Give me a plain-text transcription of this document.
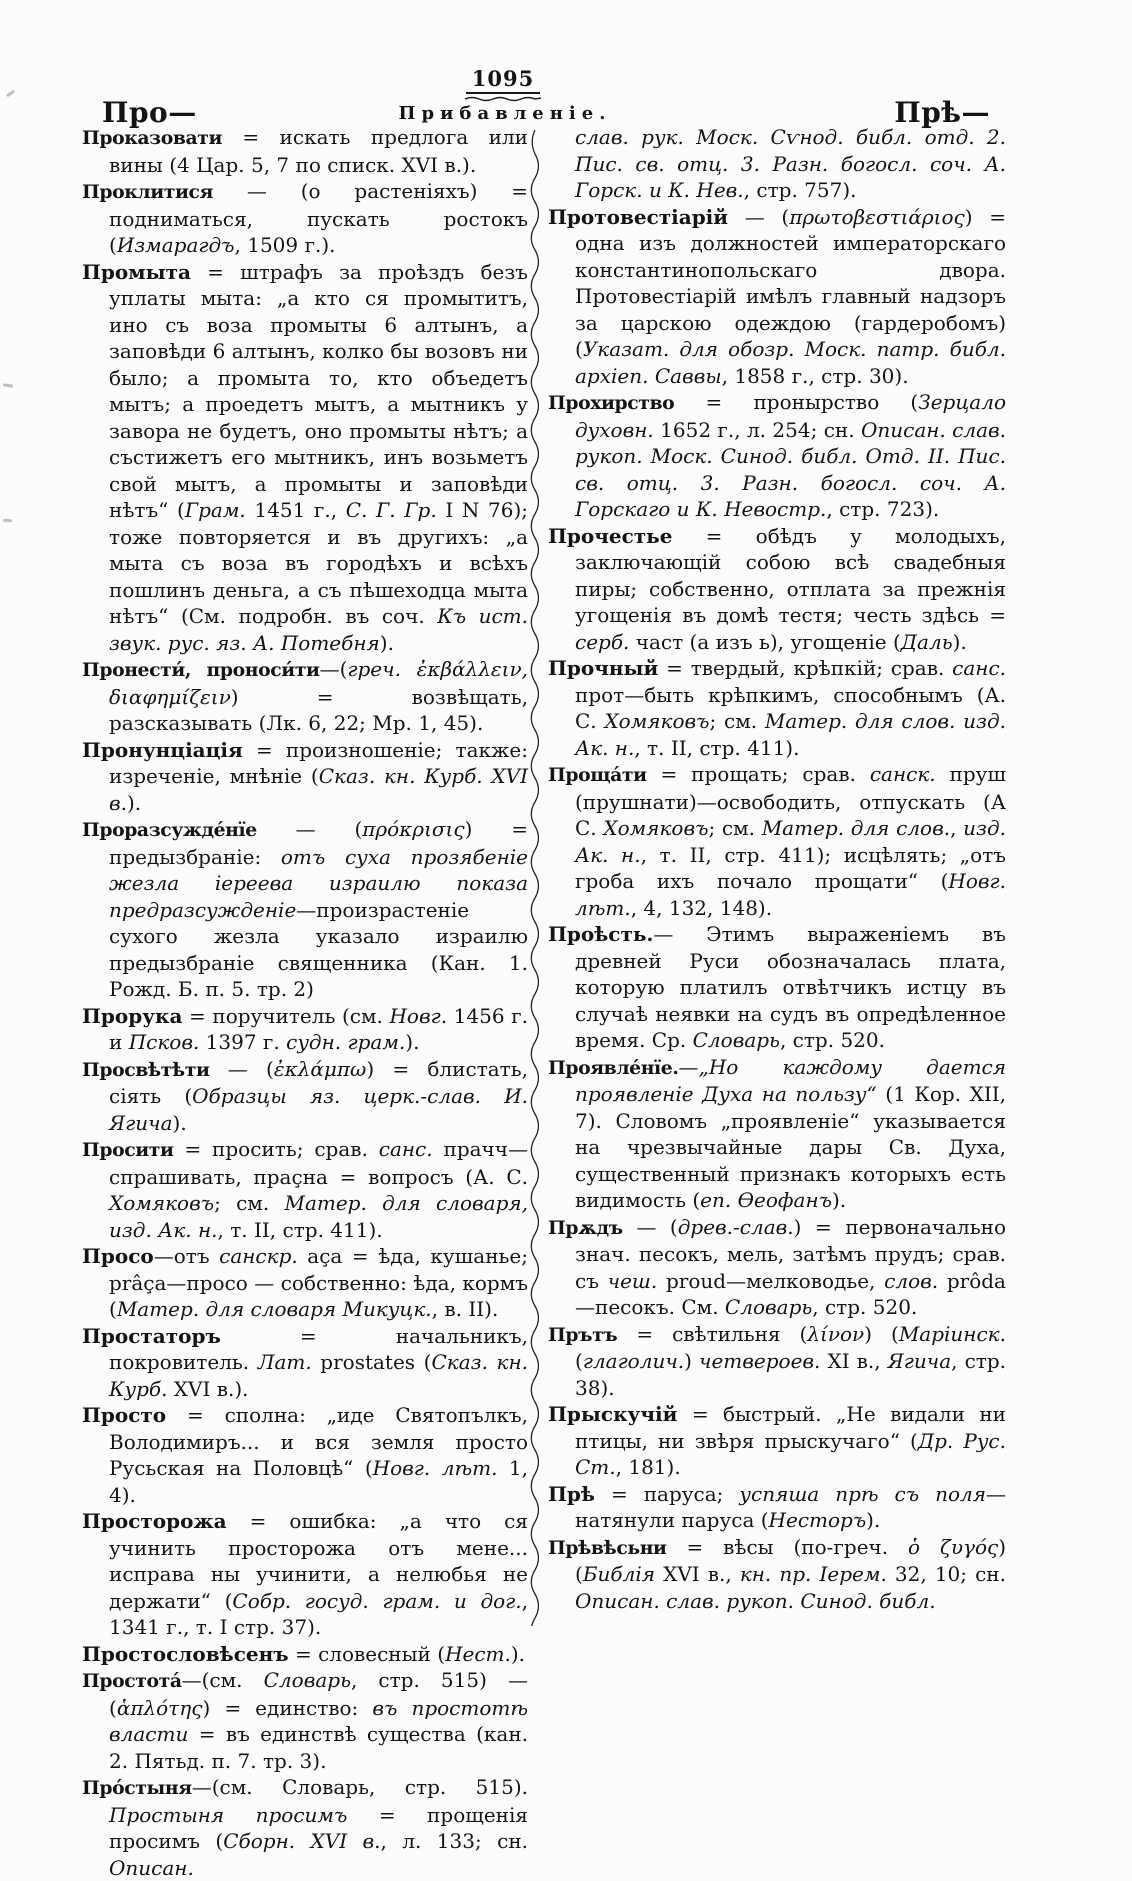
1095
Про—	Прибавленіе.	Прѣ—

Проказовати = искать предлога или вины (4 Цар. 5, 7 по списк. XVI в.).

Проклитися — (о растеніяхъ) = подниматься, пускать ростокъ (Измарагдъ, 1509 г.).

Промыта = штрафъ за проѣздъ безъ уплаты мыта: „а кто ся промытитъ, ино съ воза промыты 6 алтынъ, а заповѣди 6 алтынъ, колко бы возовъ ни было; а промыта то, кто объедетъ мытъ; а проедетъ мытъ, а мытникъ у завора не будетъ, оно промыты нѣтъ; а състижетъ его мытникъ, инъ возьметъ свой мытъ, а промыты и заповѣди нѣтъ“ (Грам. 1451 г., С. Г. Гр. I N 76); тоже повторяется и въ другихъ: „а мыта съ воза въ городѣхъ и всѣхъ пошлинъ деньга, а съ пѣшеходца мыта нѣтъ“ (См. подробн. въ соч. Къ ист. звук. рус. яз. А. Потебня).

Пронести́, проноси́ти—(греч. ἐκβάλλειν, διαφημίζειν) = возвѣщать, разсказывать (Лк. 6, 22; Мр. 1, 45).

Пронунціація = произношеніе; также: изреченіе, мнѣніе (Сказ. кн. Курб. XVI в.).

Проразсужде́нїе — (πρόκρισις) = предызбраніе: отъ суха прозябеніе жезла іереева израилю показа предразсужденіе—произрастеніе сухого жезла указало израилю предызбраніе священника (Кан. 1. Рожд. Б. п. 5. тр. 2)

Прорука = поручитель (см. Новг. 1456 г. и Псков. 1397 г. судн. грам.).

Просвѣтѣти — (ἐκλάμπω) = блистать, сіять (Образцы яз. церк.-слав. И. Ягича).

Просити = просить; срав. санс. прачч—спрашивать, праçна = вопросъ (А. С. Хомяковъ; см. Матер. для словаря, изд. Ак. н., т. II, стр. 411).

Просо—отъ санскр. аçа = ѣда, кушанье; prâça—просо — собственно: ѣда, кормъ (Матер. для словаря Микуцк., в. II).

Простаторъ = начальникъ, покровитель. Лат. prostates (Сказ. кн. Курб. XVI в.).

Просто = сполна: „иде Святопълкъ, Володимиръ... и вся земля просто Русьская на Половцѣ“ (Новг. лѣт. 1, 4).

Просторожа = ошибка: „а что ся учинить просторожа отъ мене... исправа ны учинити, а нелюбья не держати“ (Собр. госуд. грам. и дог., 1341 г., т. I стр. 37).

Простословѣсенъ = словесный (Нест.).

Простота́—(см. Словарь, стр. 515) — (ἁπλότης) = единство: въ простотѣ власти = въ единствѣ существа (кан. 2. Пятьд. п. 7. тр. 3).

Про́стыня—(см. Словарь, стр. 515). Простыня просимъ = прощенія просимъ (Сборн. XVI в., л. 133; сн. Описан.

слав. рук. Моск. Сѵнод. библ. отд. 2. Пис. св. отц. 3. Разн. богосл. соч. А. Горск. и К. Нев., стр. 757).

Протовестіарій — (πρωτοβεστιάριος) = одна изъ должностей императорскаго константинопольскаго двора. Протовестіарій имѣлъ главный надзоръ за царскою одеждою (гардеробомъ) (Указат. для обозр. Моск. патр. библ. архіеп. Саввы, 1858 г., стр. 30).

Прохирство = пронырство (Зерцало духовн. 1652 г., л. 254; сн. Описан. слав. рукоп. Моск. Синод. библ. Отд. II. Пис. св. отц. 3. Разн. богосл. соч. А. Горскаго и К. Невостр., стр. 723).

Прочестье = обѣдъ у молодыхъ, заключающій собою всѣ свадебныя пиры; собственно, отплата за прежнія угощенія въ домѣ тестя; честь здѣсь = серб. част (а изъ ь), угощеніе (Даль).

Прочный = твердый, крѣпкій; срав. санс. прот—быть крѣпкимъ, способнымъ (А. С. Хомяковъ; см. Матер. для слов. изд. Ак. н., т. II, стр. 411).

Проща́ти = прощать; срав. санск. пруш (прушнати)—освободить, отпускать (А С. Хомяковъ; см. Матер. для слов., изд. Ак. н., т. II, стр. 411); исцѣлять; „отъ гроба ихъ почало прощати“ (Новг. лѣт., 4, 132, 148).

Проѣсть.— Этимъ выраженіемъ въ древней Руси обозначалась плата, которую платилъ отвѣтчикъ истцу въ случаѣ неявки на судъ въ опредѣленное время. Ср. Словарь, стр. 520.

Проявле́нїе.—„Но каждому дается проявленіе Духа на пользу“ (1 Кор. XII, 7). Словомъ „проявленіе“ указывается на чрезвычайные дары Св. Духа, существенный признакъ которыхъ есть видимость (еп. Ѳеофанъ).

Прѫдъ — (древ.-слав.) = первоначально знач. песокъ, мель, затѣмъ прудъ; срав. съ чеш. proud—мелководье, слов. prôda—песокъ. См. Словарь, стр. 520.

Прътъ = свѣтильня (λίνον) (Маріинск. (глаголич.) четвероев. XI в., Ягича, стр. 38).

Прыскучій = быстрый. „Не видали ни птицы, ни звѣря прыскучаго“ (Др. Рус. Ст., 181).

Прѣ = паруса; успяша прѣ съ поля—натянули паруса (Несторъ).

Прѣвѣсьни = вѣсы (по-греч. ὁ ζυγός) (Библія XVI в., кн. пр. Іерем. 32, 10; сн. Описан. слав. рукоп. Синод. библ.
